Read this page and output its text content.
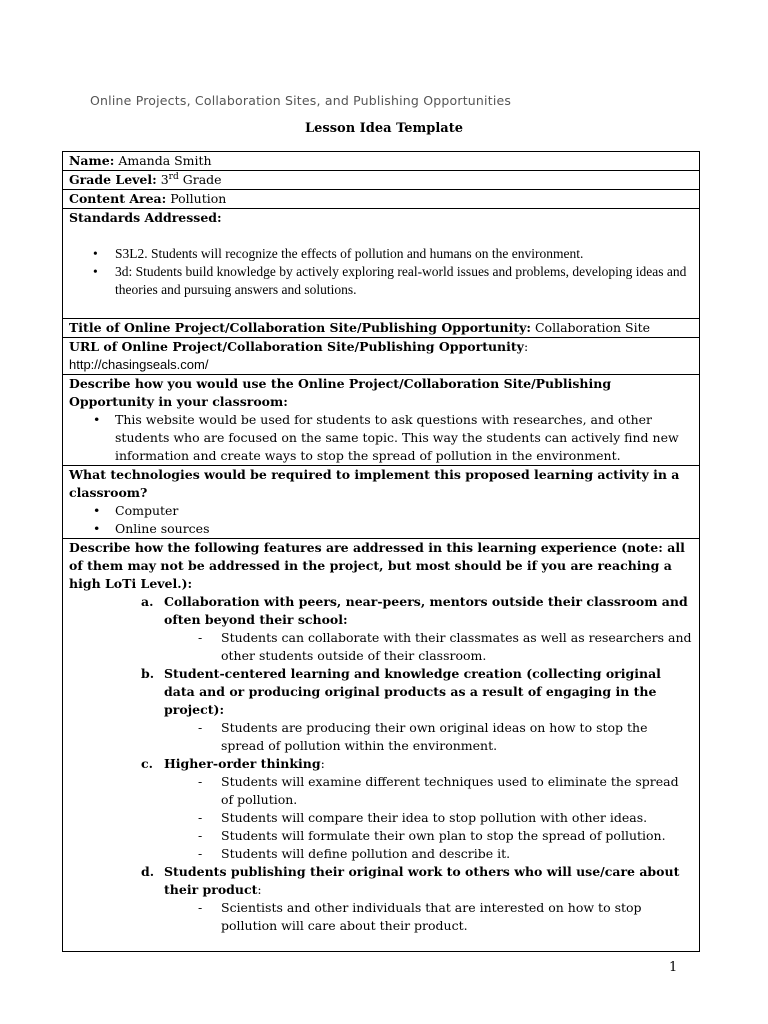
Online Projects, Collaboration Sites, and Publishing Opportunities
Lesson Idea Template
Name: Amanda Smith
Grade Level: 3rd Grade
Content Area: Pollution
Standards Addressed:
• S3L2. Students will recognize the effects of pollution and humans on the environment.
• 3d: Students build knowledge by actively exploring real-world issues and problems, developing ideas and theories and pursuing answers and solutions.
Title of Online Project/Collaboration Site/Publishing Opportunity: Collaboration Site
URL of Online Project/Collaboration Site/Publishing Opportunity:
http://chasingseals.com/
Describe how you would use the Online Project/Collaboration Site/Publishing Opportunity in your classroom:
• This website would be used for students to ask questions with researches, and other students who are focused on the same topic. This way the students can actively find new information and create ways to stop the spread of pollution in the environment.
What technologies would be required to implement this proposed learning activity in a classroom?
• Computer
• Online sources
Describe how the following features are addressed in this learning experience (note: all of them may not be addressed in the project, but most should be if you are reaching a high LoTi Level.):
a. Collaboration with peers, near-peers, mentors outside their classroom and often beyond their school:
- Students can collaborate with their classmates as well as researchers and other students outside of their classroom.
b. Student-centered learning and knowledge creation (collecting original data and or producing original products as a result of engaging in the project):
- Students are producing their own original ideas on how to stop the spread of pollution within the environment.
c. Higher-order thinking:
- Students will examine different techniques used to eliminate the spread of pollution.
- Students will compare their idea to stop pollution with other ideas.
- Students will formulate their own plan to stop the spread of pollution.
- Students will define pollution and describe it.
d. Students publishing their original work to others who will use/care about their product:
- Scientists and other individuals that are interested on how to stop pollution will care about their product.
1
